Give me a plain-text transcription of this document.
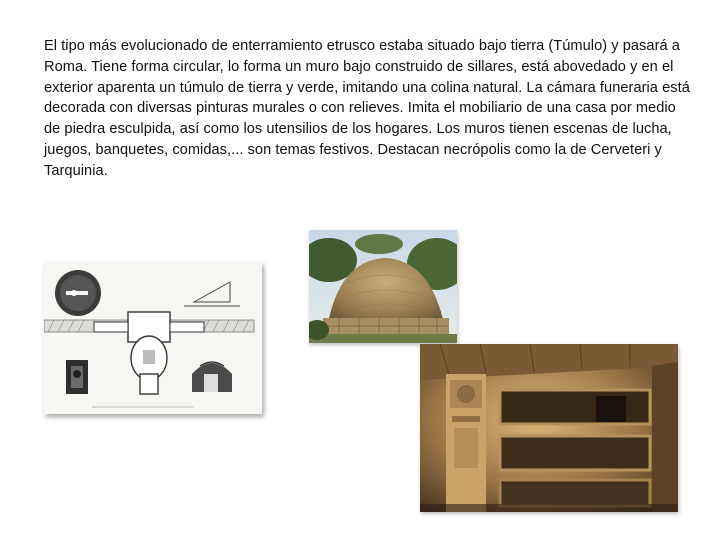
El tipo más evolucionado de enterramiento etrusco estaba situado bajo tierra (Túmulo) y pasará a Roma. Tiene forma circular, lo forma un muro bajo construido de sillares, está abovedado y en el exterior aparenta un túmulo de tierra y verde, imitando una colina natural. La cámara funeraria está decorada con diversas pinturas murales o con relieves. Imita el mobiliario de una casa por medio de piedra esculpida, así como los utensilios de los hogares. Los muros tienen escenas de lucha, juegos, banquetes, comidas,... son temas festivos. Destacan necrópolis como la de Cerveteri y Tarquinia.
